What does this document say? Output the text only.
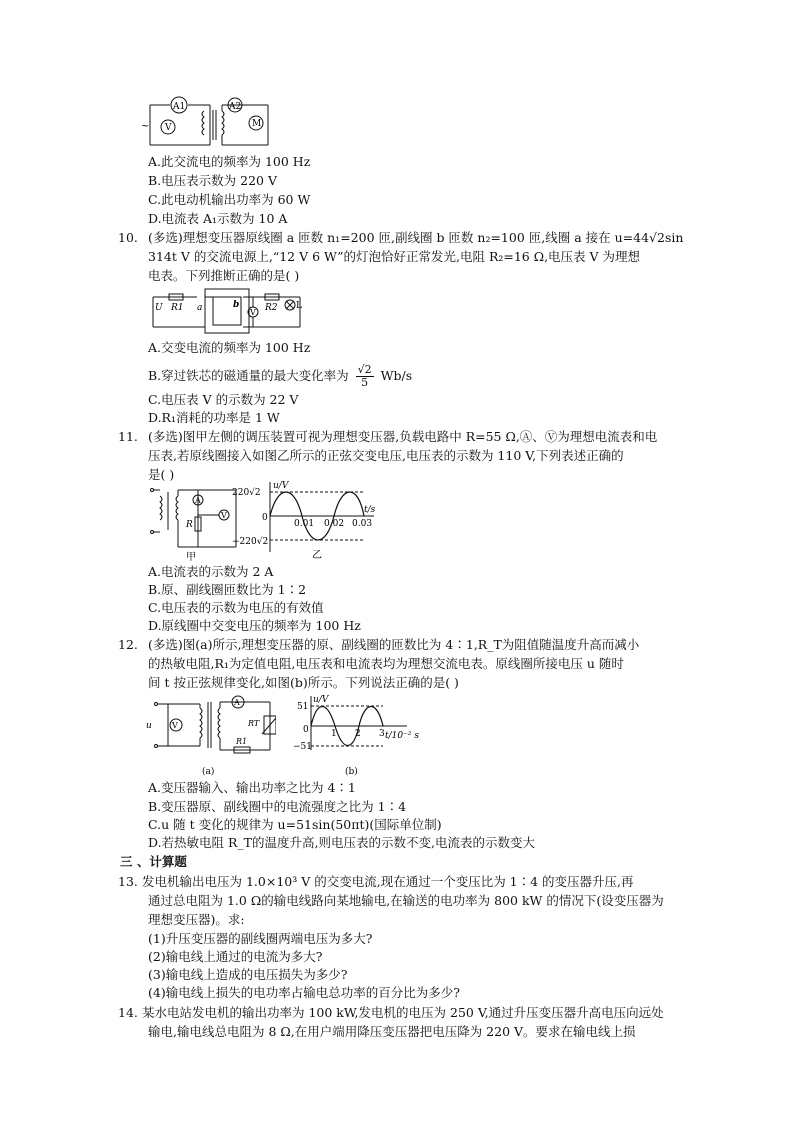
A1
V
A2
M
~
A.此交流电的频率为 100 Hz
B.电压表示数为 220 V
C.此电动机输出功率为 60 W
D.电流表 A₁示数为 10 A
10. (多选)理想变压器原线圈 a 匝数 n₁=200 匝,副线圈 b 匝数 n₂=100 匝,线圈 a 接在 u=44√2sin
314t V 的交流电源上,“12 V 6 W”的灯泡恰好正常发光,电阻 R₂=16 Ω,电压表 V 为理想
电表。下列推断正确的是( )
U R1 a	b
V R2 L
A.交变电流的频率为 100 Hz
B.穿过铁芯的磁通量的最大变化率为 $\frac{√2}{5} Wb/s$
C.电压表 V 的示数为 22 V
D.R₁消耗的功率是 1 W
11. (多选)图甲左侧的调压装置可视为理想变压器,负载电路中 R=55 Ω,Ⓐ、Ⓥ为理想电流表和电
压表,若原线圈接入如图乙所示的正弦交变电压,电压表的示数为 110 V,下列表述正确的
是( )
A
R
V
甲
u/V
t/s
220√2
−220√2
0
0.01 0.02 0.03
乙
A.电流表的示数为 2 A
B.原、副线圈匝数比为 1∶2
C.电压表的示数为电压的有效值
D.原线圈中交变电压的频率为 100 Hz
12. (多选)图(a)所示,理想变压器的原、副线圈的匝数比为 4∶1,R_T为阻值随温度升高而减小
的热敏电阻,R₁为定值电阻,电压表和电流表均为理想交流电表。原线圈所接电压 u 随时
间 t 按正弦规律变化,如图(b)所示。下列说法正确的是( )
u	V
A
RT
R1
(a)
u/V
t/10⁻² s
51
−51
0 1 2 3
(b)
A.变压器输入、输出功率之比为 4∶1
B.变压器原、副线圈中的电流强度之比为 1∶4
C.u 随 t 变化的规律为 u=51sin(50πt)(国际单位制)
D.若热敏电阻 R_T的温度升高,则电压表的示数不变,电流表的示数变大
三 、计算题
13. 发电机输出电压为 1.0×10³ V 的交变电流,现在通过一个变压比为 1∶4 的变压器升压,再
通过总电阻为 1.0 Ω的输电线路向某地输电,在输送的电功率为 800 kW 的情况下(设变压器为
理想变压器)。求:
(1)升压变压器的副线圈两端电压为多大?
(2)输电线上通过的电流为多大?
(3)输电线上造成的电压损失为多少?
(4)输电线上损失的电功率占输电总功率的百分比为多少?
14. 某水电站发电机的输出功率为 100 kW,发电机的电压为 250 V,通过升压变压器升高电压向远处
输电,输电线总电阻为 8 Ω,在用户端用降压变压器把电压降为 220 V。要求在输电线上损
